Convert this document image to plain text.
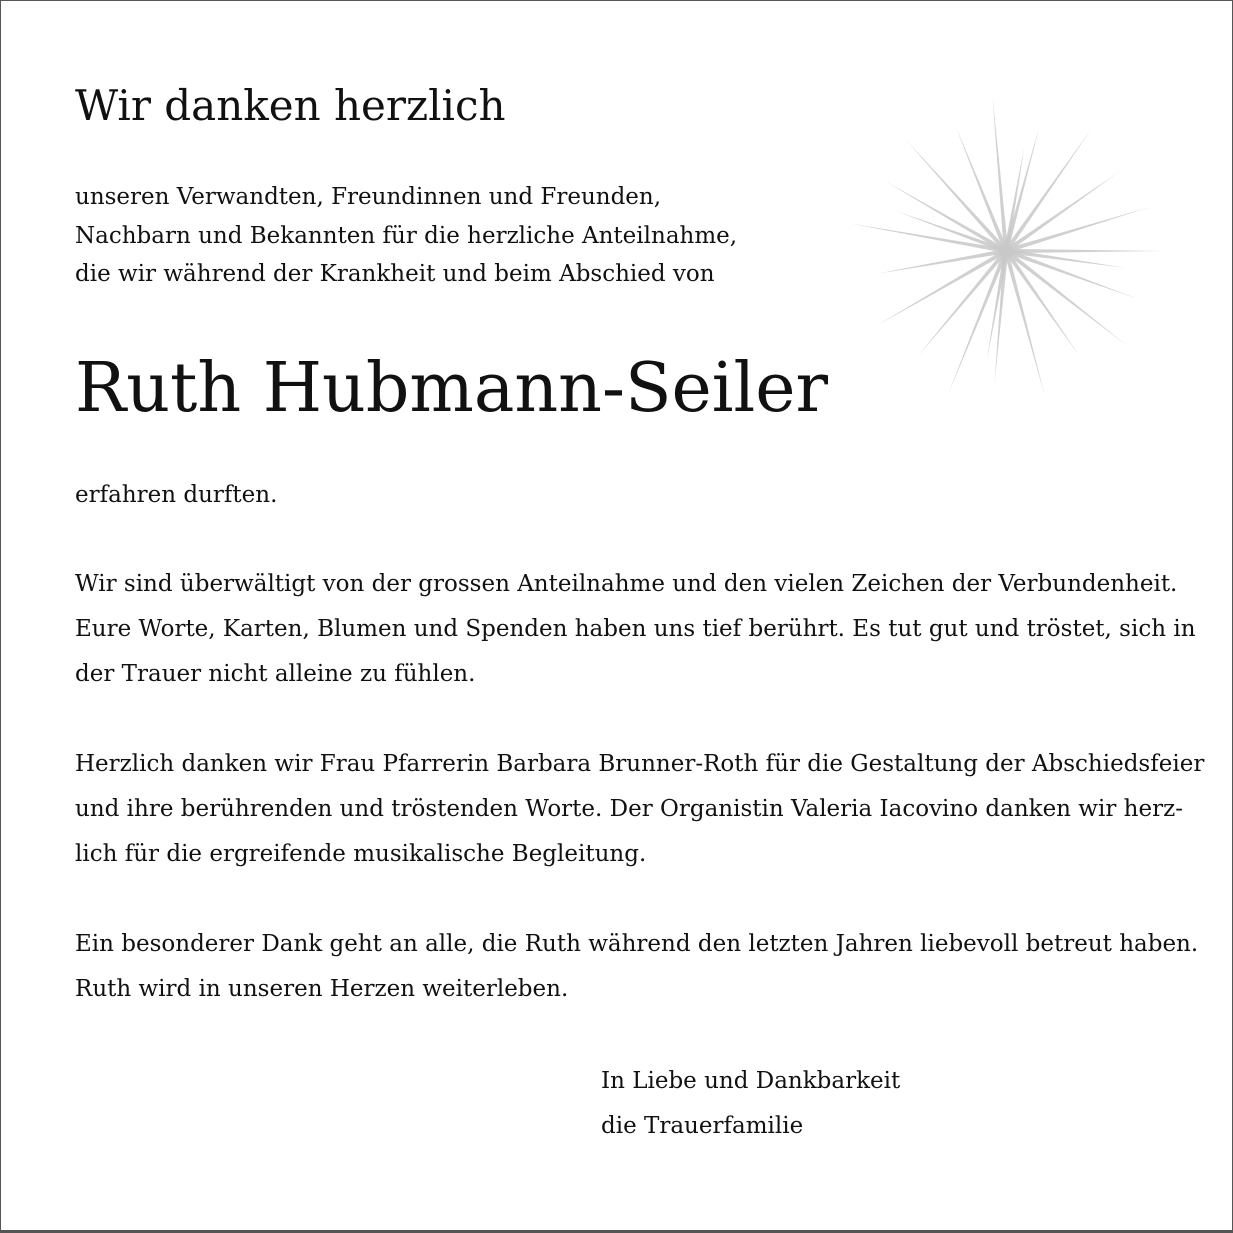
Wir danken herzlich
unseren Verwandten, Freundinnen und Freunden,
Nachbarn und Bekannten für die herzliche Anteilnahme,
die wir während der Krankheit und beim Abschied von
Ruth Hubmann-Seiler

erfahren durften.

Wir sind überwältigt von der grossen Anteilnahme und den vielen Zeichen der Verbundenheit.
Eure Worte, Karten, Blumen und Spenden haben uns tief berührt. Es tut gut und tröstet, sich in
der Trauer nicht alleine zu fühlen.
Herzlich danken wir Frau Pfarrerin Barbara Brunner-Roth für die Gestaltung der Abschiedsfeier
und ihre berührenden und tröstenden Worte. Der Organistin Valeria Iacovino danken wir herz-
lich für die ergreifende musikalische Begleitung.
Ein besonderer Dank geht an alle, die Ruth während den letzten Jahren liebevoll betreut haben.
Ruth wird in unseren Herzen weiterleben.
In Liebe und Dankbarkeit
die Trauerfamilie
